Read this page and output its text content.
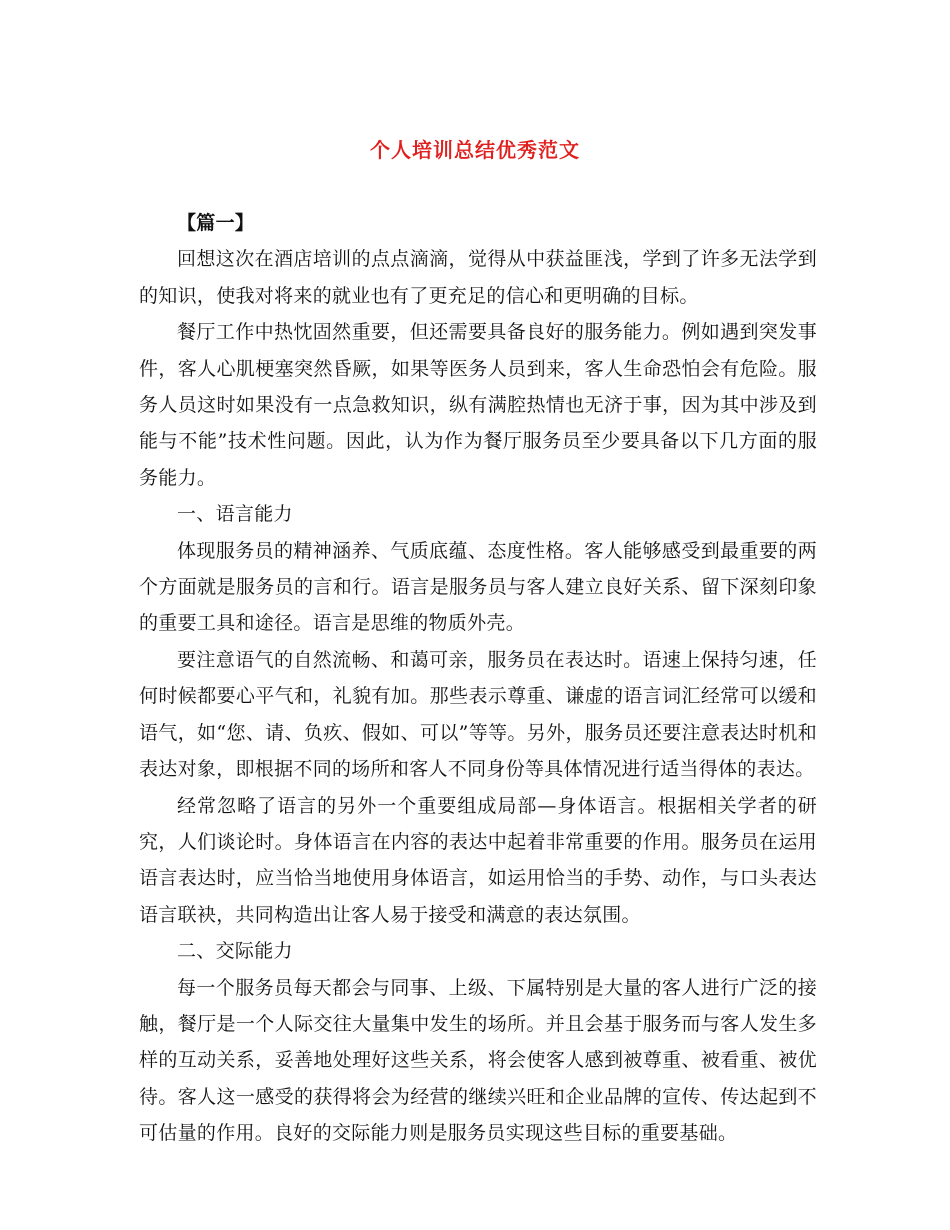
个人培训总结优秀范文

【篇一】

回想这次在酒店培训的点点滴滴，觉得从中获益匪浅，学到了许多无法学到的知识，使我对将来的就业也有了更充足的信心和更明确的目标。

餐厅工作中热忱固然重要，但还需要具备良好的服务能力。例如遇到突发事件，客人心肌梗塞突然昏厥，如果等医务人员到来，客人生命恐怕会有危险。服务人员这时如果没有一点急救知识，纵有满腔热情也无济于事，因为其中涉及到能与不能”技术性问题。因此，认为作为餐厅服务员至少要具备以下几方面的服务能力。

一、语言能力

体现服务员的精神涵养、气质底蕴、态度性格。客人能够感受到最重要的两个方面就是服务员的言和行。语言是服务员与客人建立良好关系、留下深刻印象的重要工具和途径。语言是思维的物质外壳。

要注意语气的自然流畅、和蔼可亲，服务员在表达时。语速上保持匀速，任何时候都要心平气和，礼貌有加。那些表示尊重、谦虚的语言词汇经常可以缓和语气，如“您、请、负疚、假如、可以”等等。另外，服务员还要注意表达时机和表达对象，即根据不同的场所和客人不同身份等具体情况进行适当得体的表达。

经常忽略了语言的另外一个重要组成局部—身体语言。根据相关学者的研究，人们谈论时。身体语言在内容的表达中起着非常重要的作用。服务员在运用语言表达时，应当恰当地使用身体语言，如运用恰当的手势、动作，与口头表达语言联袂，共同构造出让客人易于接受和满意的表达氛围。

二、交际能力

每一个服务员每天都会与同事、上级、下属特别是大量的客人进行广泛的接触，餐厅是一个人际交往大量集中发生的场所。并且会基于服务而与客人发生多样的互动关系，妥善地处理好这些关系，将会使客人感到被尊重、被看重、被优待。客人这一感受的获得将会为经营的继续兴旺和企业品牌的宣传、传达起到不可估量的作用。良好的交际能力则是服务员实现这些目标的重要基础。
